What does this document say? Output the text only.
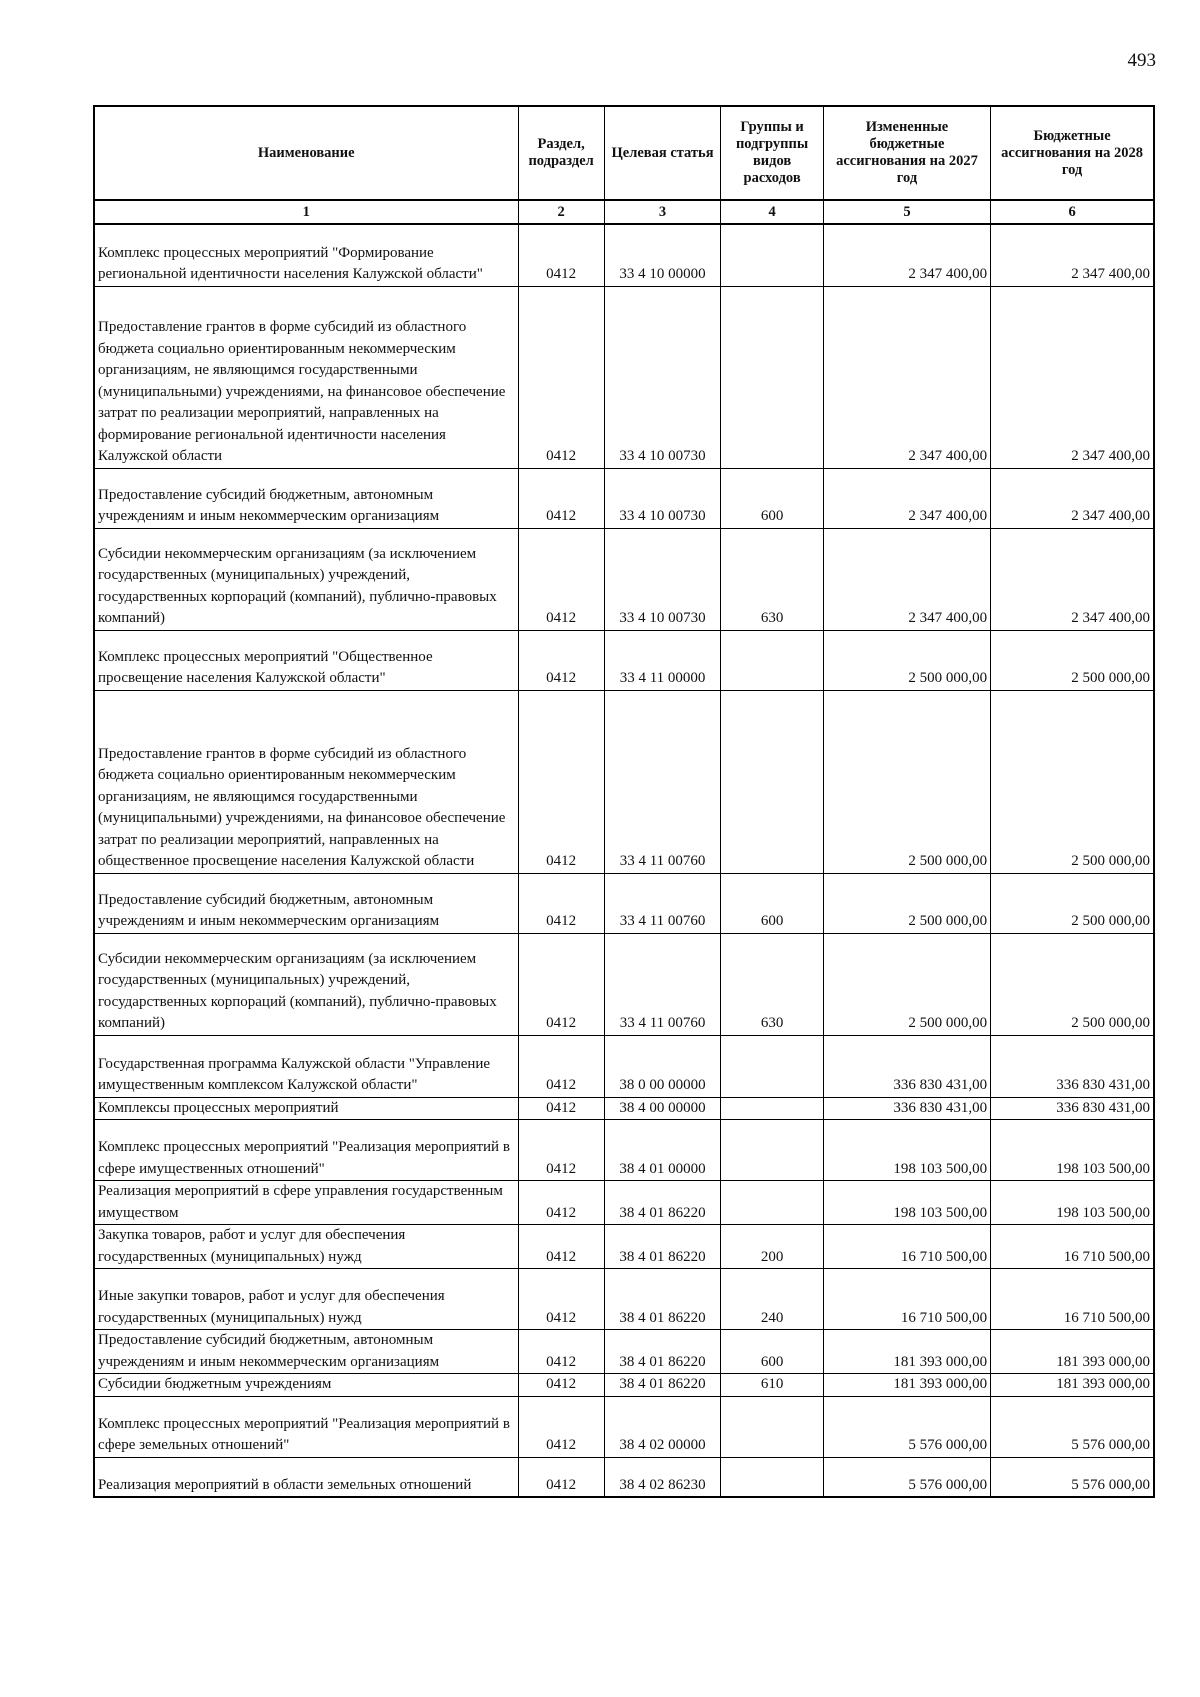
493
Наименование	Раздел, подраздел	Целевая статья	Группы и подгруппы видов расходов	Измененные бюджетные ассигнования на 2027 год	Бюджетные ассигнования на 2028 год
1	2	3	4	5	6
Комплекс процессных мероприятий "Формирование региональной идентичности населения Калужской области"	0412	33 4 10 00000		2 347 400,00	2 347 400,00
Предоставление грантов в форме субсидий из областного бюджета социально ориентированным некоммерческим организациям, не являющимся государственными (муниципальными) учреждениями, на финансовое обеспечение затрат по реализации мероприятий, направленных на формирование региональной идентичности населения Калужской области	0412	33 4 10 00730		2 347 400,00	2 347 400,00
Предоставление субсидий бюджетным, автономным учреждениям и иным некоммерческим организациям	0412	33 4 10 00730	600	2 347 400,00	2 347 400,00
Субсидии некоммерческим организациям (за исключением государственных (муниципальных) учреждений, государственных корпораций (компаний), публично-правовых компаний)	0412	33 4 10 00730	630	2 347 400,00	2 347 400,00
Комплекс процессных мероприятий "Общественное просвещение населения Калужской области"	0412	33 4 11 00000		2 500 000,00	2 500 000,00
Предоставление грантов в форме субсидий из областного бюджета социально ориентированным некоммерческим организациям, не являющимся государственными (муниципальными) учреждениями, на финансовое обеспечение затрат по реализации мероприятий, направленных на общественное просвещение населения Калужской области	0412	33 4 11 00760		2 500 000,00	2 500 000,00
Предоставление субсидий бюджетным, автономным учреждениям и иным некоммерческим организациям	0412	33 4 11 00760	600	2 500 000,00	2 500 000,00
Субсидии некоммерческим организациям (за исключением государственных (муниципальных) учреждений, государственных корпораций (компаний), публично-правовых компаний)	0412	33 4 11 00760	630	2 500 000,00	2 500 000,00
Государственная программа Калужской области "Управление имущественным комплексом Калужской области"	0412	38 0 00 00000		336 830 431,00	336 830 431,00
Комплексы процессных мероприятий	0412	38 4 00 00000		336 830 431,00	336 830 431,00
Комплекс процессных мероприятий "Реализация мероприятий в сфере имущественных отношений"	0412	38 4 01 00000		198 103 500,00	198 103 500,00
Реализация мероприятий в сфере управления государственным имуществом	0412	38 4 01 86220		198 103 500,00	198 103 500,00
Закупка товаров, работ и услуг для обеспечения государственных (муниципальных) нужд	0412	38 4 01 86220	200	16 710 500,00	16 710 500,00
Иные закупки товаров, работ и услуг для обеспечения государственных (муниципальных) нужд	0412	38 4 01 86220	240	16 710 500,00	16 710 500,00
Предоставление субсидий бюджетным, автономным учреждениям и иным некоммерческим организациям	0412	38 4 01 86220	600	181 393 000,00	181 393 000,00
Субсидии бюджетным учреждениям	0412	38 4 01 86220	610	181 393 000,00	181 393 000,00
Комплекс процессных мероприятий "Реализация мероприятий в сфере земельных отношений"	0412	38 4 02 00000		5 576 000,00	5 576 000,00
Реализация мероприятий в области земельных отношений	0412	38 4 02 86230		5 576 000,00	5 576 000,00
